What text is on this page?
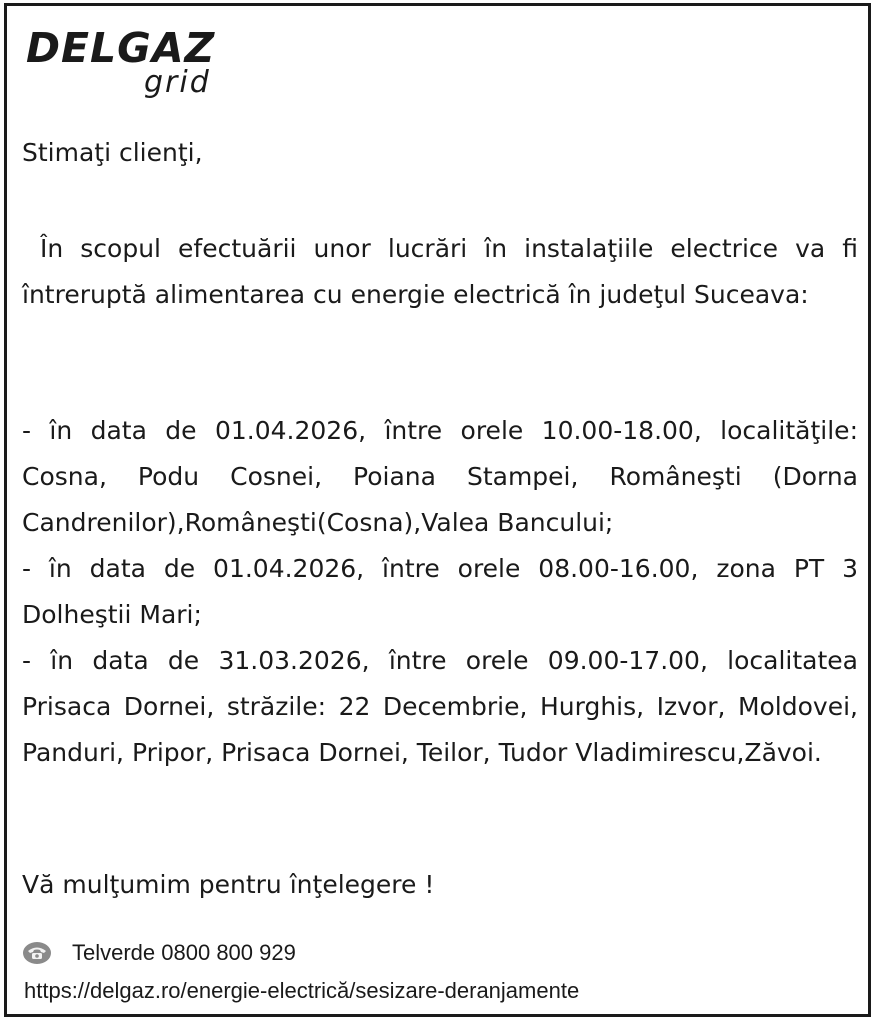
DELGAZ
grid
Stimaţi clienţi,
În scopul efectuării unor lucrări în instalaţiile electrice va fi întreruptă alimentarea cu energie electrică în judeţul Suceava:
- în data de 01.04.2026, între orele 10.00-18.00, localităţile: Cosna, Podu Cosnei, Poiana Stampei, Româneşti (Dorna Candrenilor),Româneşti(Cosna),Valea Bancului;
- în data de 01.04.2026, între orele 08.00-16.00, zona PT 3 Dolheştii Mari;
- în data de 31.03.2026, între orele 09.00-17.00, localitatea Prisaca Dornei, străzile: 22 Decembrie, Hurghis, Izvor, Moldovei, Panduri, Pripor, Prisaca Dornei, Teilor, Tudor Vladimirescu,Zăvoi.
Vă mulţumim pentru înţelegere !
Telverde 0800 800 929
https://delgaz.ro/energie-electrică/sesizare-deranjamente
